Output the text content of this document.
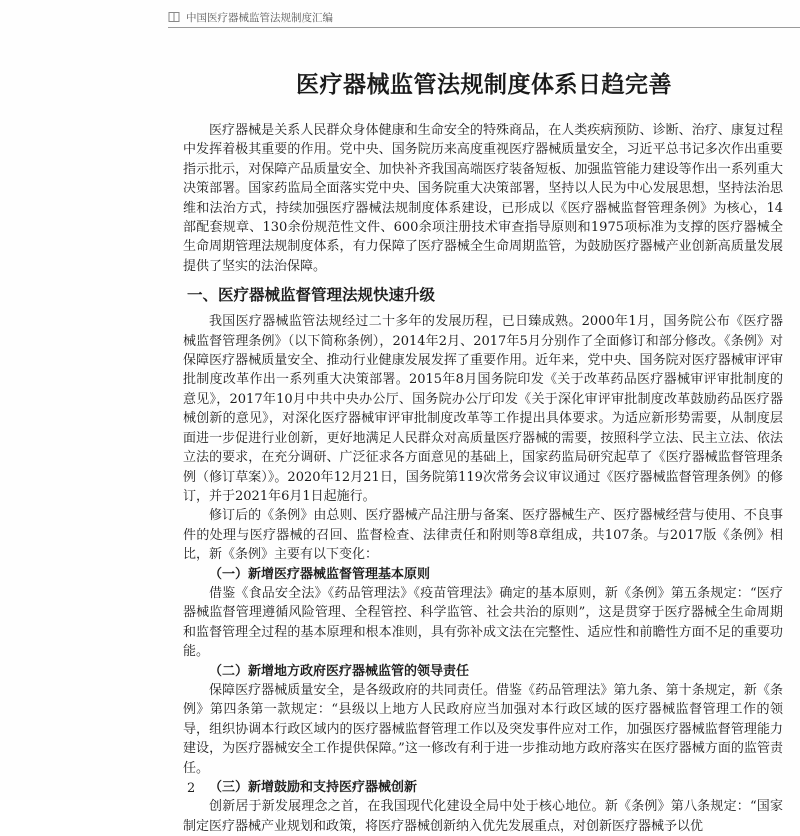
中国医疗器械监管法规制度汇编
医疗器械监管法规制度体系日趋完善

医疗器械是关系人民群众身体健康和生命安全的特殊商品，在人类疾病预防、诊断、治疗、康复过程中发挥着极其重要的作用。党中央、国务院历来高度重视医疗器械质量安全，习近平总书记多次作出重要指示批示，对保障产品质量安全、加快补齐我国高端医疗装备短板、加强监管能力建设等作出一系列重大决策部署。国家药监局全面落实党中央、国务院重大决策部署，坚持以人民为中心发展思想，坚持法治思维和法治方式，持续加强医疗器械法规制度体系建设，已形成以《医疗器械监督管理条例》为核心，14部配套规章、130余份规范性文件、600余项注册技术审查指导原则和1975项标准为支撑的医疗器械全生命周期管理法规制度体系，有力保障了医疗器械全生命周期监管，为鼓励医疗器械产业创新高质量发展提供了坚实的法治保障。

一、医疗器械监督管理法规快速升级

我国医疗器械监管法规经过二十多年的发展历程，已日臻成熟。2000年1月，国务院公布《医疗器械监督管理条例》（以下简称条例），2014年2月、2017年5月分别作了全面修订和部分修改。《条例》对保障医疗器械质量安全、推动行业健康发展发挥了重要作用。近年来，党中央、国务院对医疗器械审评审批制度改革作出一系列重大决策部署。2015年8月国务院印发《关于改革药品医疗器械审评审批制度的意见》，2017年10月中共中央办公厅、国务院办公厅印发《关于深化审评审批制度改革鼓励药品医疗器械创新的意见》，对深化医疗器械审评审批制度改革等工作提出具体要求。为适应新形势需要，从制度层面进一步促进行业创新，更好地满足人民群众对高质量医疗器械的需要，按照科学立法、民主立法、依法立法的要求，在充分调研、广泛征求各方面意见的基础上，国家药监局研究起草了《医疗器械监督管理条例（修订草案）》。2020年12月21日，国务院第119次常务会议审议通过《医疗器械监督管理条例》的修订，并于2021年6月1日起施行。

修订后的《条例》由总则、医疗器械产品注册与备案、医疗器械生产、医疗器械经营与使用、不良事件的处理与医疗器械的召回、监督检查、法律责任和附则等8章组成，共107条。与2017版《条例》相比，新《条例》主要有以下变化：

（一）新增医疗器械监督管理基本原则

借鉴《食品安全法》《药品管理法》《疫苗管理法》确定的基本原则，新《条例》第五条规定：“医疗器械监督管理遵循风险管理、全程管控、科学监管、社会共治的原则”，这是贯穿于医疗器械全生命周期和监督管理全过程的基本原理和根本准则，具有弥补成文法在完整性、适应性和前瞻性方面不足的重要功能。

（二）新增地方政府医疗器械监管的领导责任

保障医疗器械质量安全，是各级政府的共同责任。借鉴《药品管理法》第九条、第十条规定，新《条例》第四条第一款规定：“县级以上地方人民政府应当加强对本行政区域的医疗器械监督管理工作的领导，组织协调本行政区域内的医疗器械监督管理工作以及突发事件应对工作，加强医疗器械监督管理能力建设，为医疗器械安全工作提供保障。”这一修改有利于进一步推动地方政府落实在医疗器械方面的监管责任。

（三）新增鼓励和支持医疗器械创新

创新居于新发展理念之首，在我国现代化建设全局中处于核心地位。新《条例》第八条规定：“国家制定医疗器械产业规划和政策，将医疗器械创新纳入优先发展重点，对创新医疗器械予以优

2
